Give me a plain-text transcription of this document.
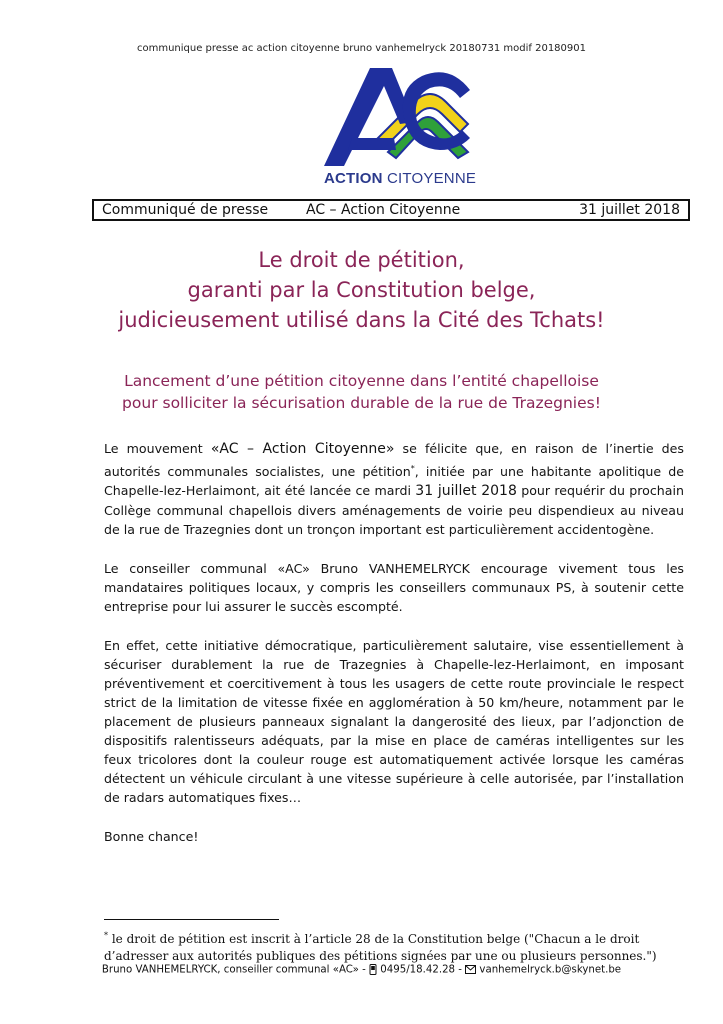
communique presse ac action citoyenne bruno vanhemelryck 20180731 modif 20180901
ACTION CITOYENNE
Communiqué de presse	AC – Action Citoyenne	31 juillet 2018
Le droit de pétition,
garanti par la Constitution belge,
judicieusement utilisé dans la Cité des Tchats!
Lancement d’une pétition citoyenne dans l’entité chapelloise
pour solliciter la sécurisation durable de la rue de Trazegnies!
Le mouvement «AC – Action Citoyenne» se félicite que, en raison de l’inertie des autorités communales socialistes, une pétition*, initiée par une habitante apolitique de Chapelle-lez-Herlaimont, ait été lancée ce mardi 31 juillet 2018 pour requérir du prochain Collège communal chapellois divers aménagements de voirie peu dispendieux au niveau de la rue de Trazegnies dont un tronçon important est particulièrement accidentogène.
Le conseiller communal «AC» Bruno VANHEMELRYCK encourage vivement tous les mandataires politiques locaux, y compris les conseillers communaux PS, à soutenir cette entreprise pour lui assurer le succès escompté.
En effet, cette initiative démocratique, particulièrement salutaire, vise essentiellement à sécuriser durablement la rue de Trazegnies à Chapelle-lez-Herlaimont, en imposant préventivement et coercitivement à tous les usagers de cette route provinciale le respect strict de la limitation de vitesse fixée en agglomération à 50 km/heure, notamment par le placement de plusieurs panneaux signalant la dangerosité des lieux, par l’adjonction de dispositifs ralentisseurs adéquats, par la mise en place de caméras intelligentes sur les feux tricolores dont la couleur rouge est automatiquement activée lorsque les caméras détectent un véhicule circulant à une vitesse supérieure à celle autorisée, par l’installation de radars automatiques fixes…
Bonne chance!
* le droit de pétition est inscrit à l’article 28 de la Constitution belge ("Chacun a le droit d’adresser aux autorités publiques des pétitions signées par une ou plusieurs personnes.")
Bruno VANHEMELRYCK, conseiller communal «AC» -  0495/18.42.28 -  vanhemelryck.b@skynet.be
